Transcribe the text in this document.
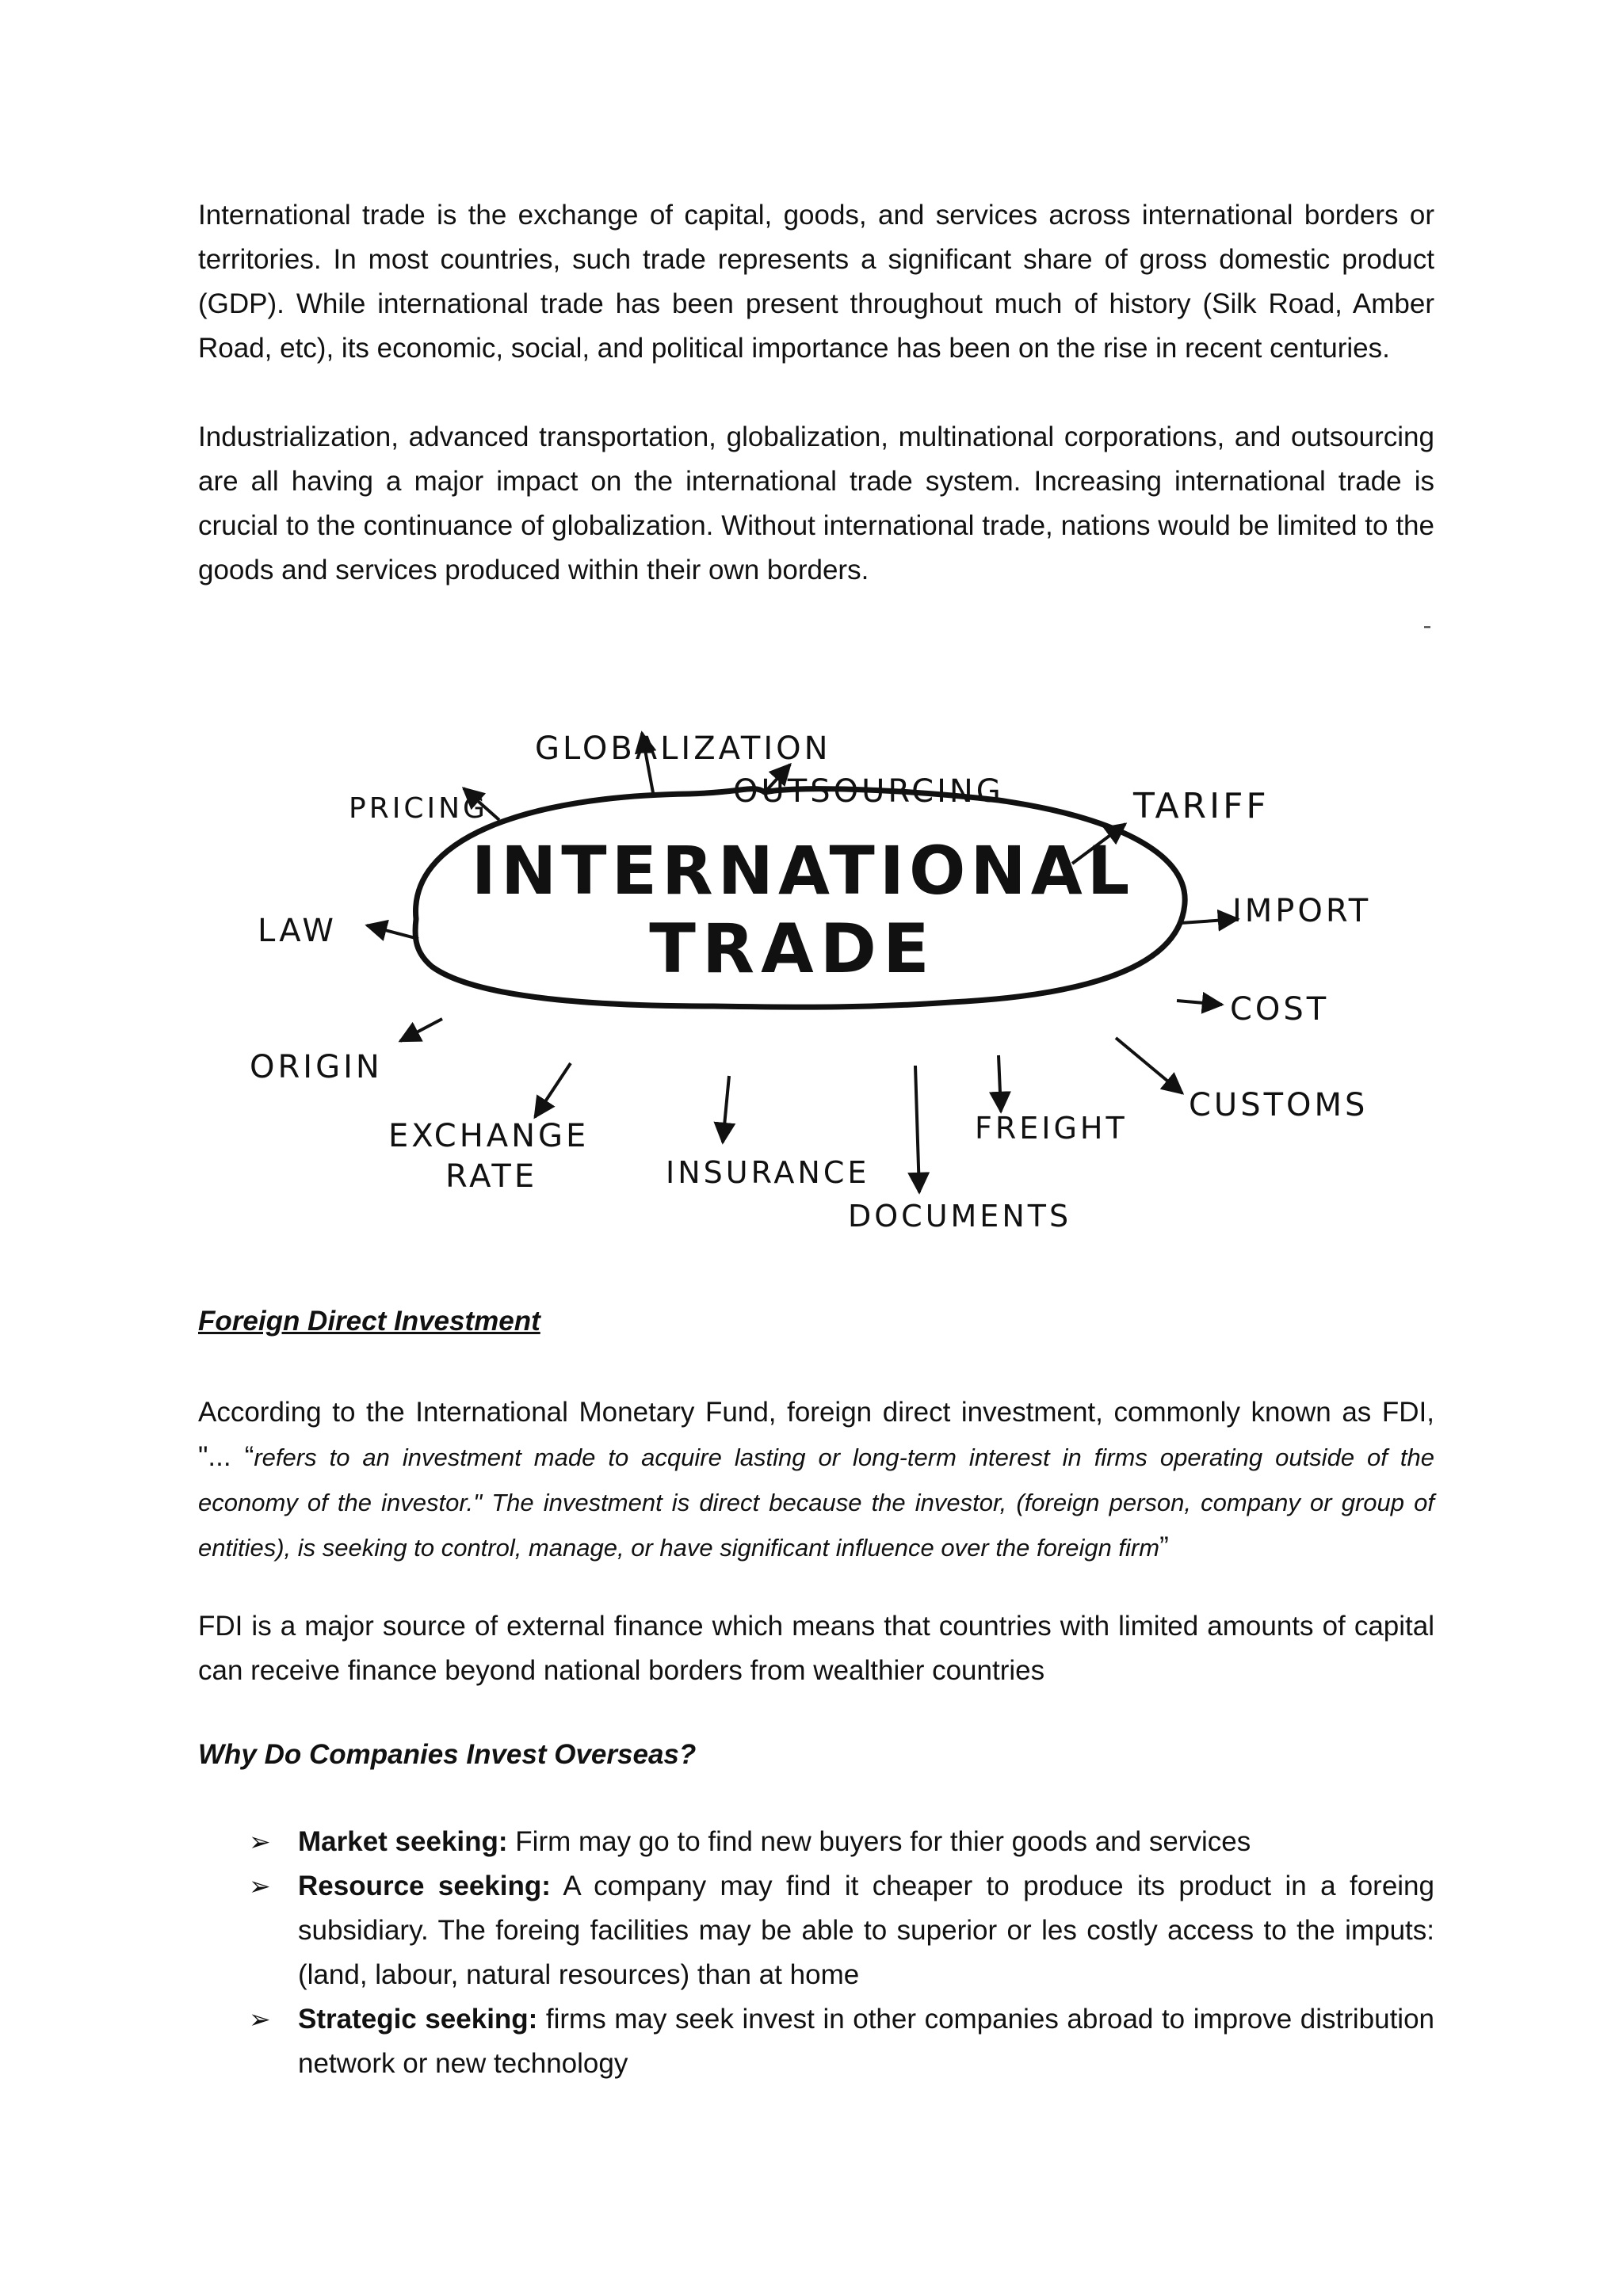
International trade is the exchange of capital, goods, and services across international borders or territories. In most countries, such trade represents a significant share of gross domestic product (GDP). While international trade has been present throughout much of history (Silk Road, Amber Road, etc), its economic, social, and political importance has been on the rise in recent centuries.

Industrialization, advanced transportation, globalization, multinational corporations, and outsourcing are all having a major impact on the international trade system. Increasing international trade is crucial to the continuance of globalization. Without international trade, nations would be limited to the goods and services produced within their own borders.

INTERNATIONAL
TRADE
GLOBALIZATION
OUTSOURCING
PRICING	TARIFF
LAW
IMPORT
COST
ORIGIN
CUSTOMS
EXCHANGE
RATE	INSURANCE
FREIGHT
DOCUMENTS
Foreign Direct Investment

According to the International Monetary Fund, foreign direct investment, commonly known as FDI, "... “refers to an investment made to acquire lasting or long-term interest in firms operating outside of the economy of the investor." The investment is direct because the investor, (foreign person, company or group of entities), is seeking to control, manage, or have significant influence over the foreign firm”

FDI is a major source of external finance which means that countries with limited amounts of capital can receive finance beyond national borders from wealthier countries

Why Do Companies Invest Overseas?
➢ Market seeking: Firm may go to find new buyers for thier goods and services
➢ Resource seeking: A company may find it cheaper to produce its product in a foreing subsidiary. The foreing facilities may be able to superior or les costly access to the imputs: (land, labour, natural resources) than at home
➢ Strategic seeking: firms may seek invest in other companies abroad to improve distribution network or new technology
